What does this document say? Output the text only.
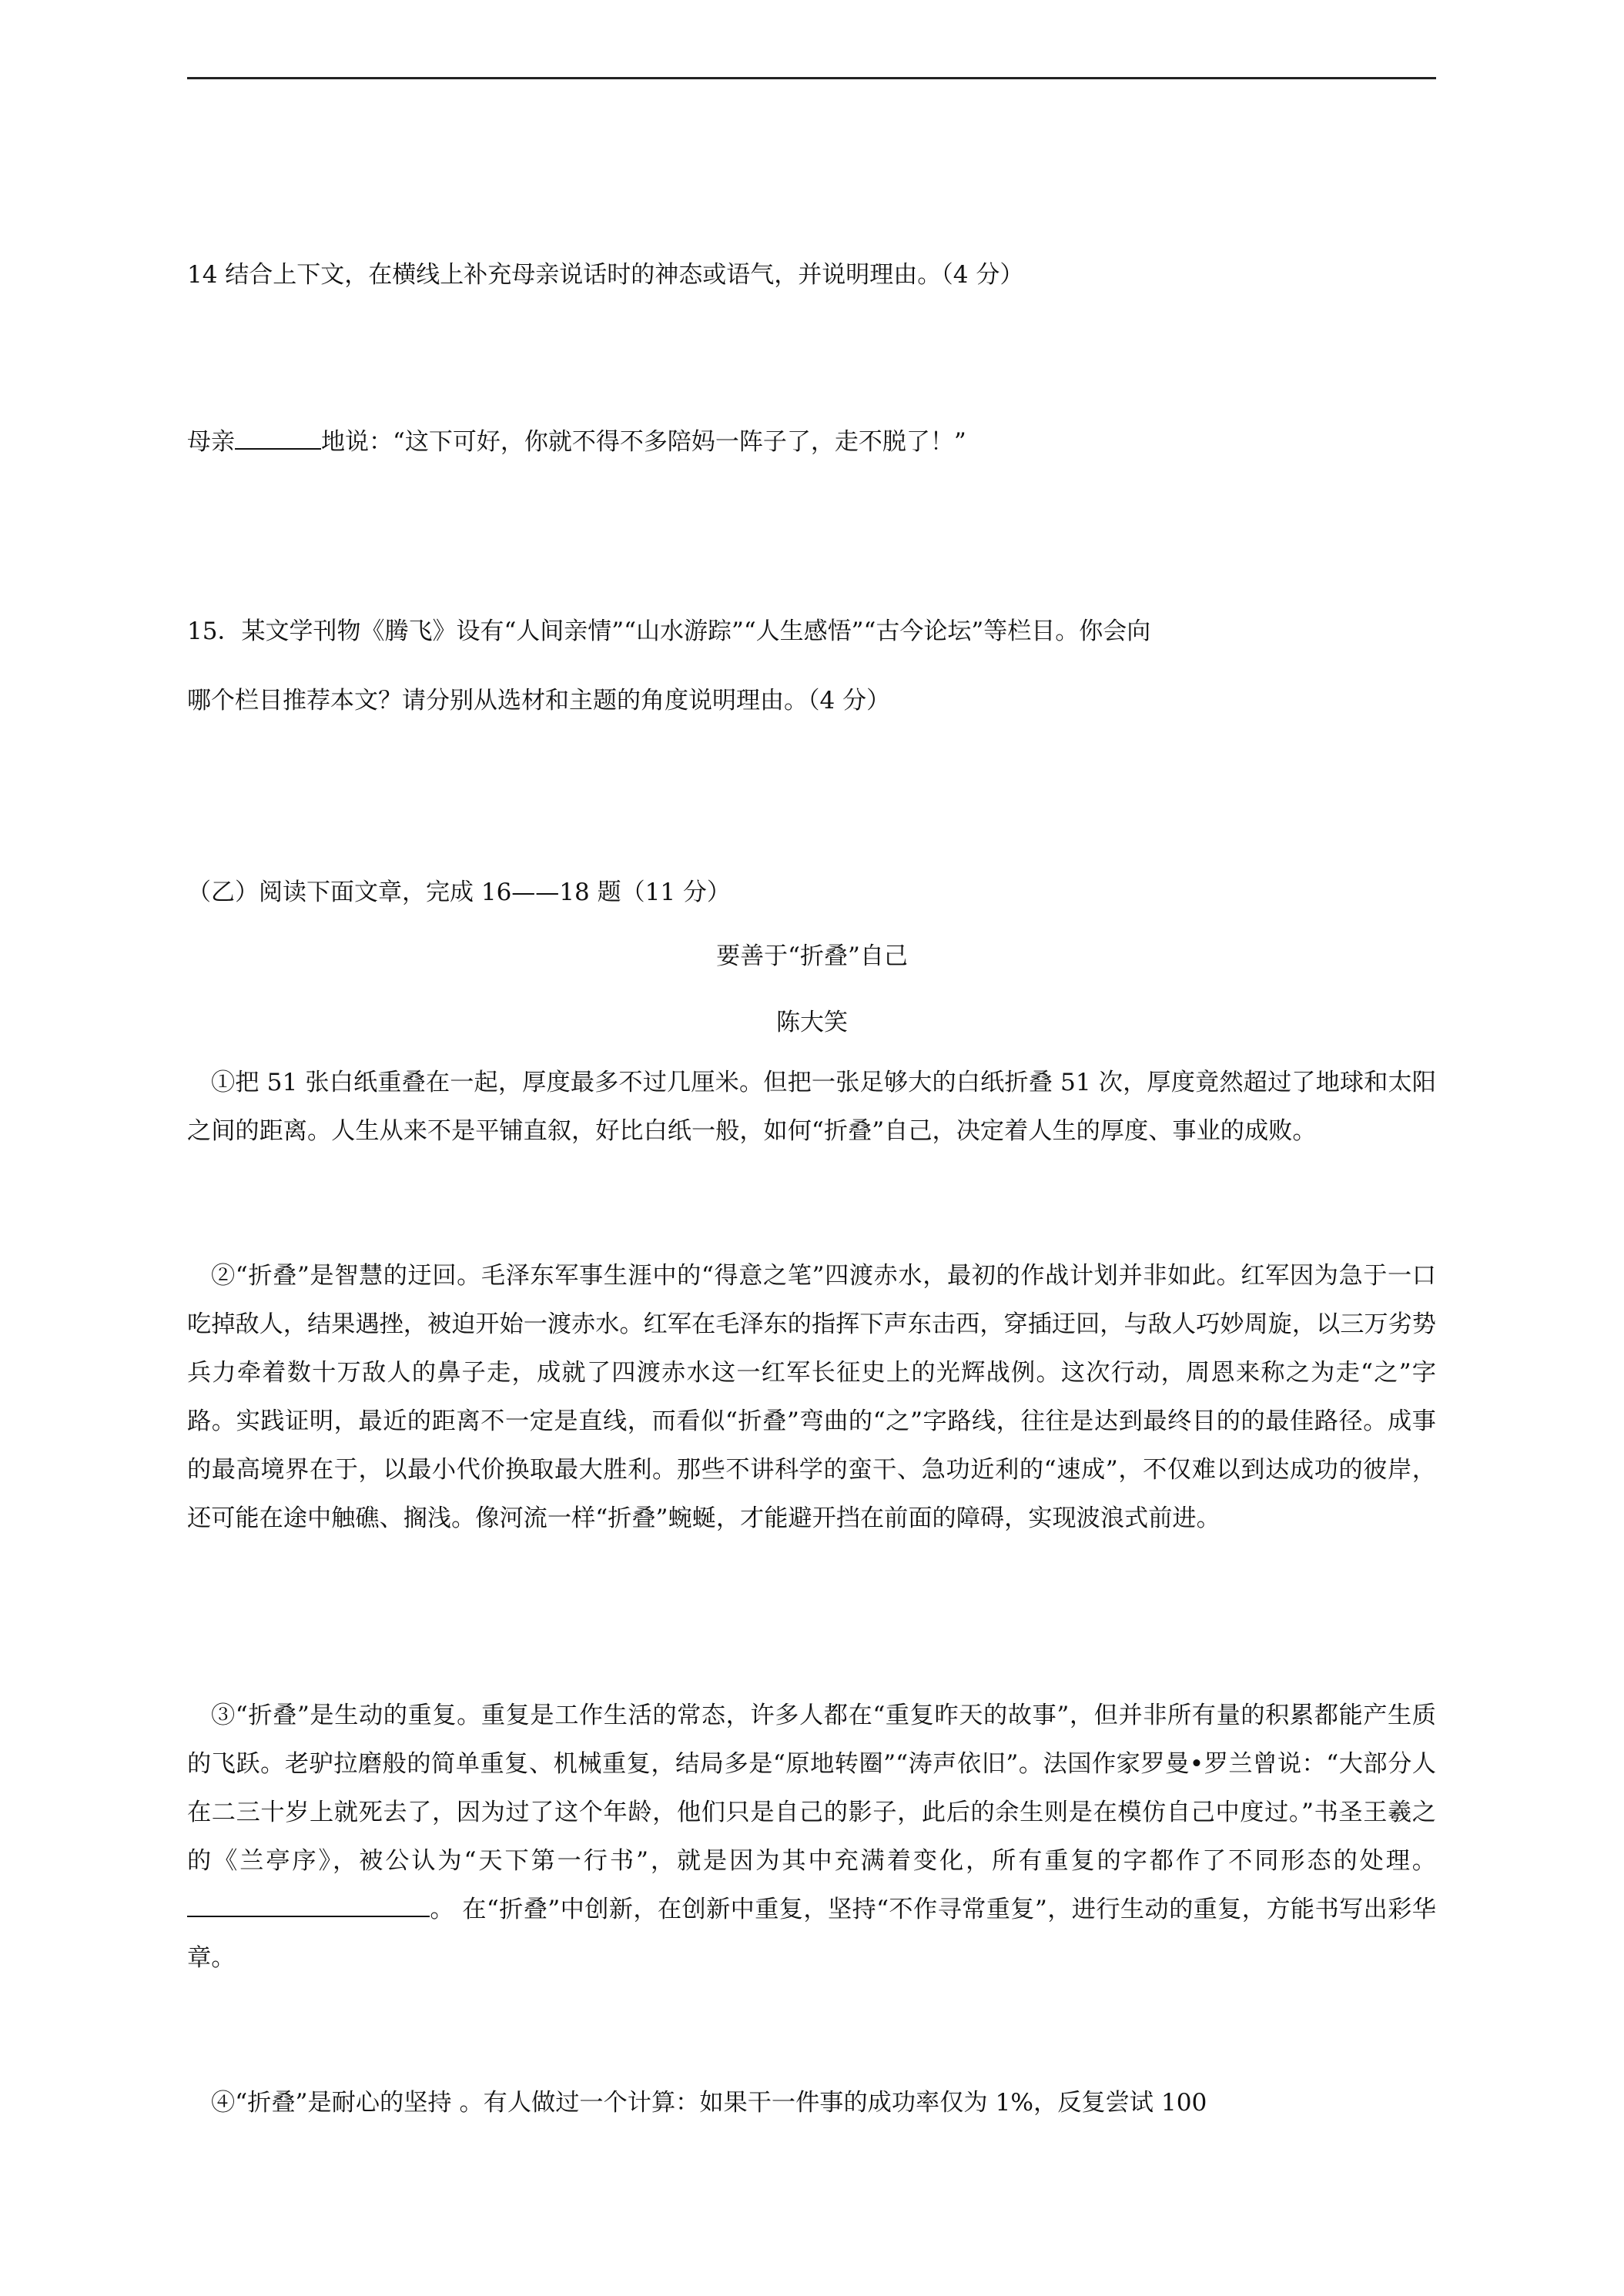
14 结合上下文，在横线上补充母亲说话时的神态或语气，并说明理由。（4 分）
母亲	地说：“这下可好，你就不得不多陪妈一阵子了，走不脱了！”
15．某文学刊物《腾飞》设有“人间亲情”“山水游踪”“人生感悟”“古今论坛”等栏目。你会向
哪个栏目推荐本文？请分别从选材和主题的角度说明理由。（4 分）
（乙）阅读下面文章，完成 16——18 题（11 分）
要善于“折叠”自己
陈大笑
①把 51 张白纸重叠在一起，厚度最多不过几厘米。但把一张足够大的白纸折叠 51 次，厚度竟然超过了地球和太阳之间的距离。人生从来不是平铺直叙，好比白纸一般，如何“折叠”自己，决定着人生的厚度、事业的成败。
②“折叠”是智慧的迂回。毛泽东军事生涯中的“得意之笔”四渡赤水，最初的作战计划并非如此。红军因为急于一口吃掉敌人，结果遇挫，被迫开始一渡赤水。红军在毛泽东的指挥下声东击西，穿插迂回，与敌人巧妙周旋，以三万劣势兵力牵着数十万敌人的鼻子走，成就了四渡赤水这一红军长征史上的光辉战例。这次行动，周恩来称之为走“之”字路。实践证明，最近的距离不一定是直线，而看似“折叠”弯曲的“之”字路线，往往是达到最终目的的最佳路径。成事的最高境界在于，以最小代价换取最大胜利。那些不讲科学的蛮干、急功近利的“速成”，不仅难以到达成功的彼岸，还可能在途中触礁、搁浅。像河流一样“折叠”蜿蜒，才能避开挡在前面的障碍，实现波浪式前进。
③“折叠”是生动的重复。重复是工作生活的常态，许多人都在“重复昨天的故事”，但并非所有量的积累都能产生质的飞跃。老驴拉磨般的简单重复、机械重复，结局多是“原地转圈”“涛声依旧”。法国作家罗曼•罗兰曾说：“大部分人在二三十岁上就死去了，因为过了这个年龄，他们只是自己的影子，此后的余生则是在模仿自己中度过。”书圣王羲之的《兰亭序》，被公认为“天下第一行书”，就是因为其中充满着变化，所有重复的字都作了不同形态的处理。。 在“折叠”中创新，在创新中重复，坚持“不作寻常重复”，进行生动的重复，方能书写出彩华章。
④“折叠”是耐心的坚持 。有人做过一个计算：如果干一件事的成功率仅为 1%，反复尝试 100
